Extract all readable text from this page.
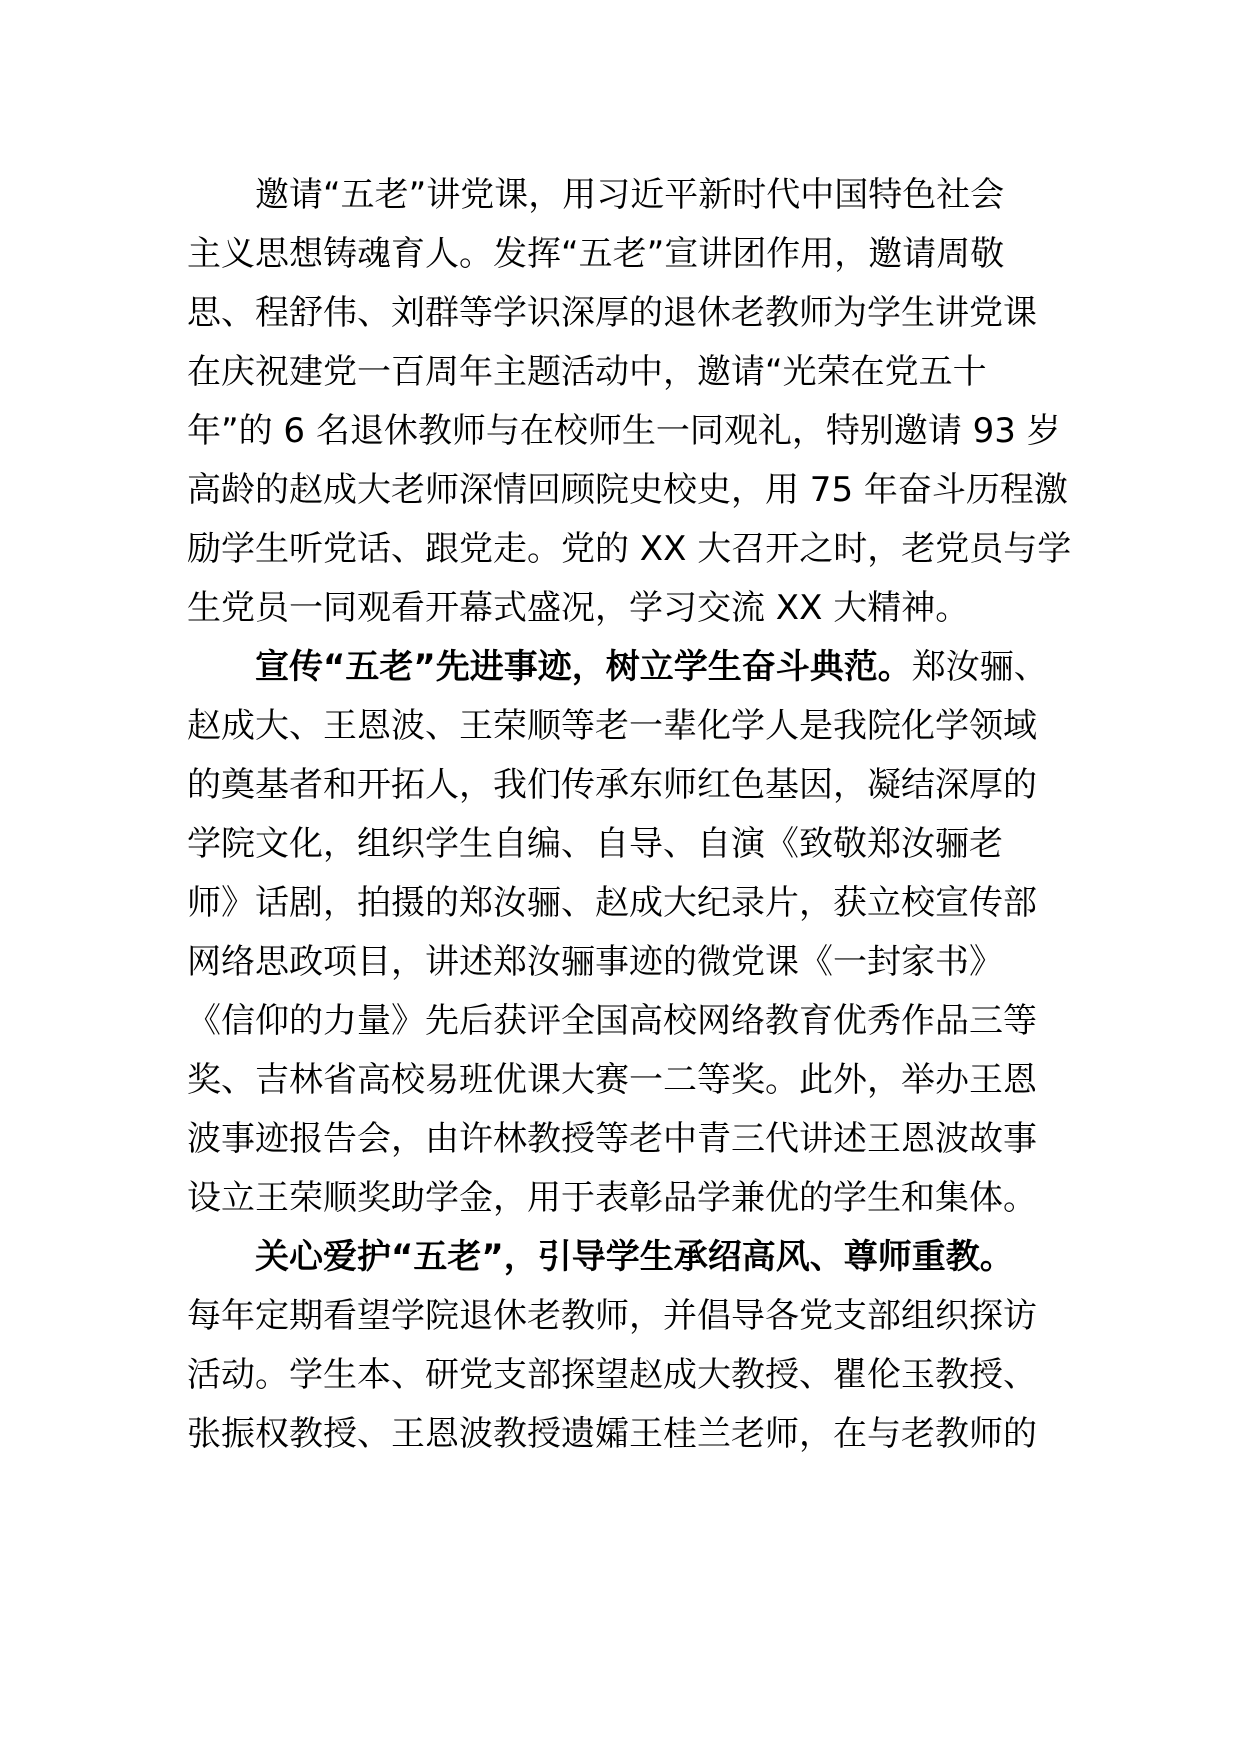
邀请“五老”讲党课，用习近平新时代中国特色社会
主义思想铸魂育人。发挥“五老”宣讲团作用，邀请周敬
思、程舒伟、刘群等学识深厚的退休老教师为学生讲党课
在庆祝建党一百周年主题活动中，邀请“光荣在党五十
年”的 6 名退休教师与在校师生一同观礼，特别邀请 93 岁
高龄的赵成大老师深情回顾院史校史，用 75 年奋斗历程激
励学生听党话、跟党走。党的 XX 大召开之时，老党员与学
生党员一同观看开幕式盛况，学习交流 XX 大精神。
宣传“五老”先进事迹，树立学生奋斗典范。郑汝骊、
赵成大、王恩波、王荣顺等老一辈化学人是我院化学领域
的奠基者和开拓人，我们传承东师红色基因，凝结深厚的
学院文化，组织学生自编、自导、自演《致敬郑汝骊老
师》话剧，拍摄的郑汝骊、赵成大纪录片，获立校宣传部
网络思政项目，讲述郑汝骊事迹的微党课《一封家书》
《信仰的力量》先后获评全国高校网络教育优秀作品三等
奖、吉林省高校易班优课大赛一二等奖。此外，举办王恩
波事迹报告会，由许林教授等老中青三代讲述王恩波故事
设立王荣顺奖助学金，用于表彰品学兼优的学生和集体。
关心爱护“五老”，引导学生承绍高风、尊师重教。
每年定期看望学院退休老教师，并倡导各党支部组织探访
活动。学生本、研党支部探望赵成大教授、瞿伦玉教授、
张振权教授、王恩波教授遗孀王桂兰老师，在与老教师的
